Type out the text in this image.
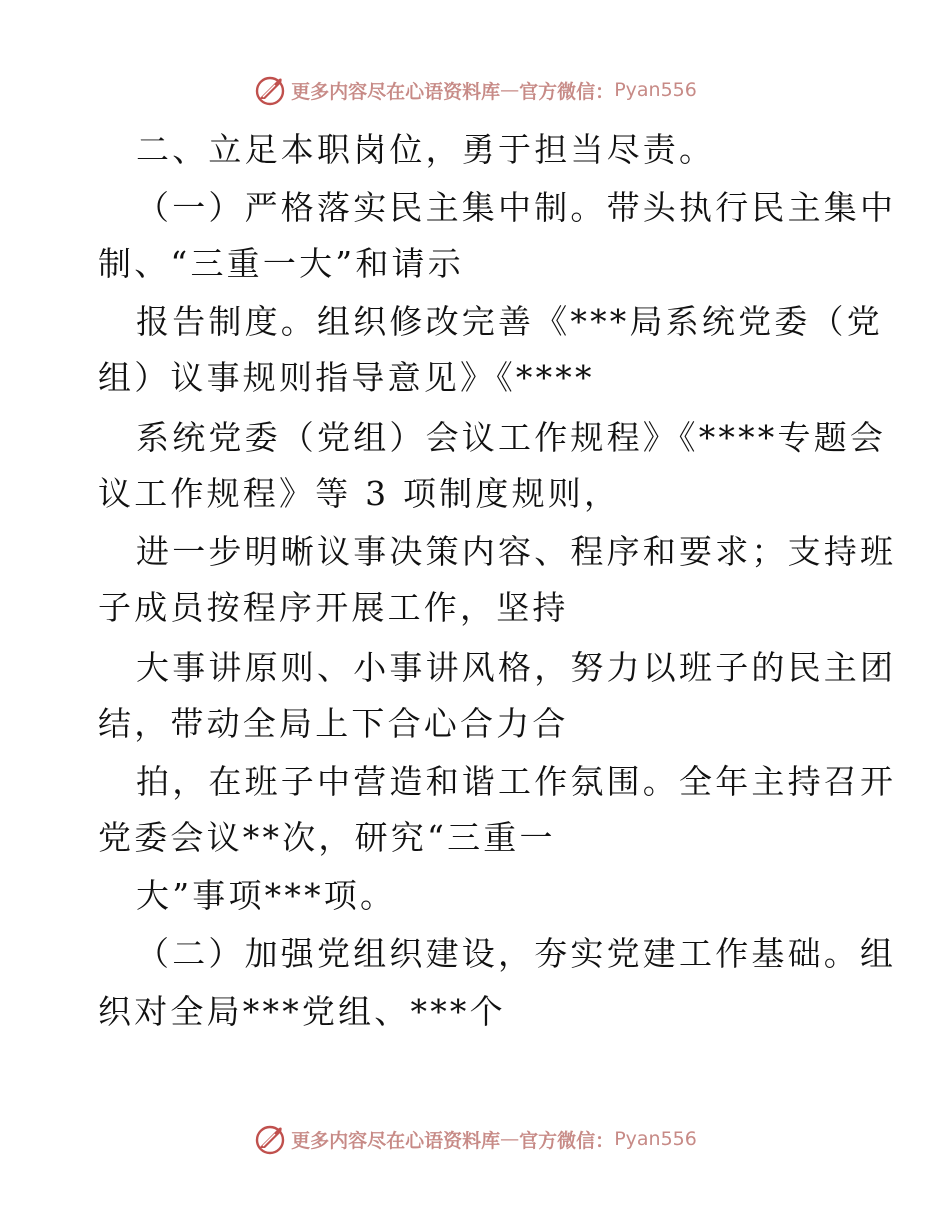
更多内容尽在心语资料库 — 官方微信： Pyan556
二、立足本职岗位，勇于担当尽责。
（一）严格落实民主集中制。带头执行民主集中
制、“三重一大”和请示
报告制度。组织修改完善《***局系统党委（党
组）议事规则指导意见》《****
系统党委（党组）会议工作规程》《****专题会
议工作规程》等 3 项制度规则，
进一步明晰议事决策内容、程序和要求；支持班
子成员按程序开展工作，坚持
大事讲原则、小事讲风格，努力以班子的民主团
结，带动全局上下合心合力合
拍，在班子中营造和谐工作氛围。全年主持召开
党委会议**次，研究“三重一
大”事项***项。
（二）加强党组织建设，夯实党建工作基础。组
织对全局***党组、***个
更多内容尽在心语资料库 — 官方微信： Pyan556
